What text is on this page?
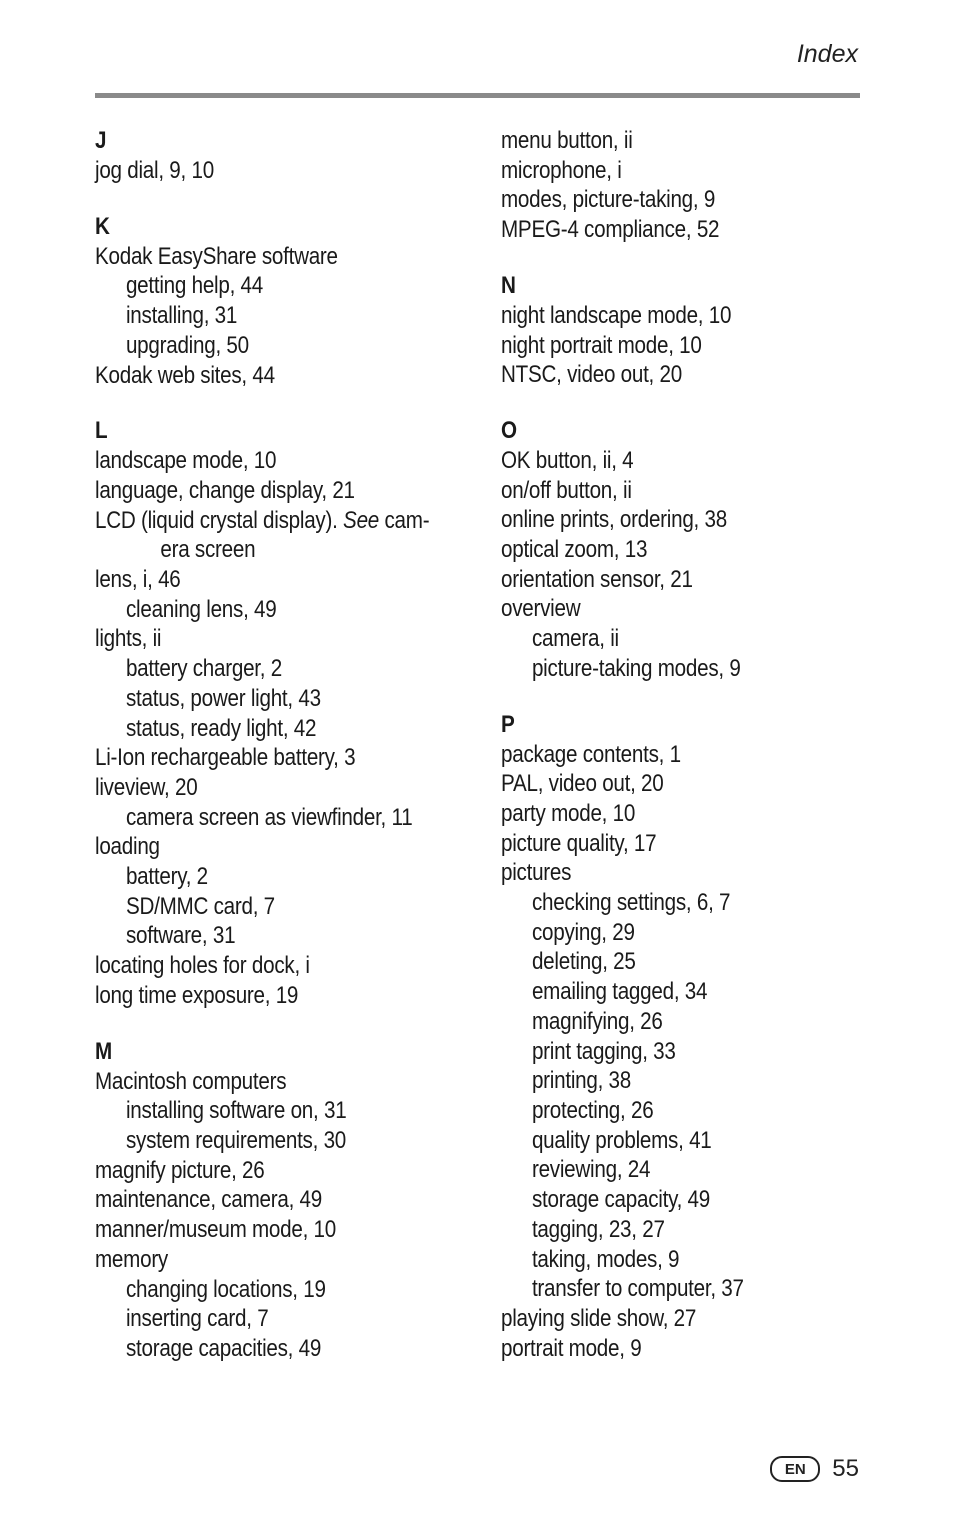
Index
J
jog dial, 9, 10
K
Kodak EasyShare software
getting help, 44
installing, 31
upgrading, 50
Kodak web sites, 44
L
landscape mode, 10
language, change display, 21
LCD (liquid crystal display). See cam-
era screen
lens, i, 46
cleaning lens, 49
lights, ii
battery charger, 2
status, power light, 43
status, ready light, 42
Li-Ion rechargeable battery, 3
liveview, 20
camera screen as viewfinder, 11
loading
battery, 2
SD/MMC card, 7
software, 31
locating holes for dock, i
long time exposure, 19
M
Macintosh computers
installing software on, 31
system requirements, 30
magnify picture, 26
maintenance, camera, 49
manner/museum mode, 10
memory
changing locations, 19
inserting card, 7
storage capacities, 49
menu button, ii
microphone, i
modes, picture-taking, 9
MPEG-4 compliance, 52
N
night landscape mode, 10
night portrait mode, 10
NTSC, video out, 20
O
OK button, ii, 4
on/off button, ii
online prints, ordering, 38
optical zoom, 13
orientation sensor, 21
overview
camera, ii
picture-taking modes, 9
P
package contents, 1
PAL, video out, 20
party mode, 10
picture quality, 17
pictures
checking settings, 6, 7
copying, 29
deleting, 25
emailing tagged, 34
magnifying, 26
print tagging, 33
printing, 38
protecting, 26
quality problems, 41
reviewing, 24
storage capacity, 49
tagging, 23, 27
taking, modes, 9
transfer to computer, 37
playing slide show, 27
portrait mode, 9
EN	55
